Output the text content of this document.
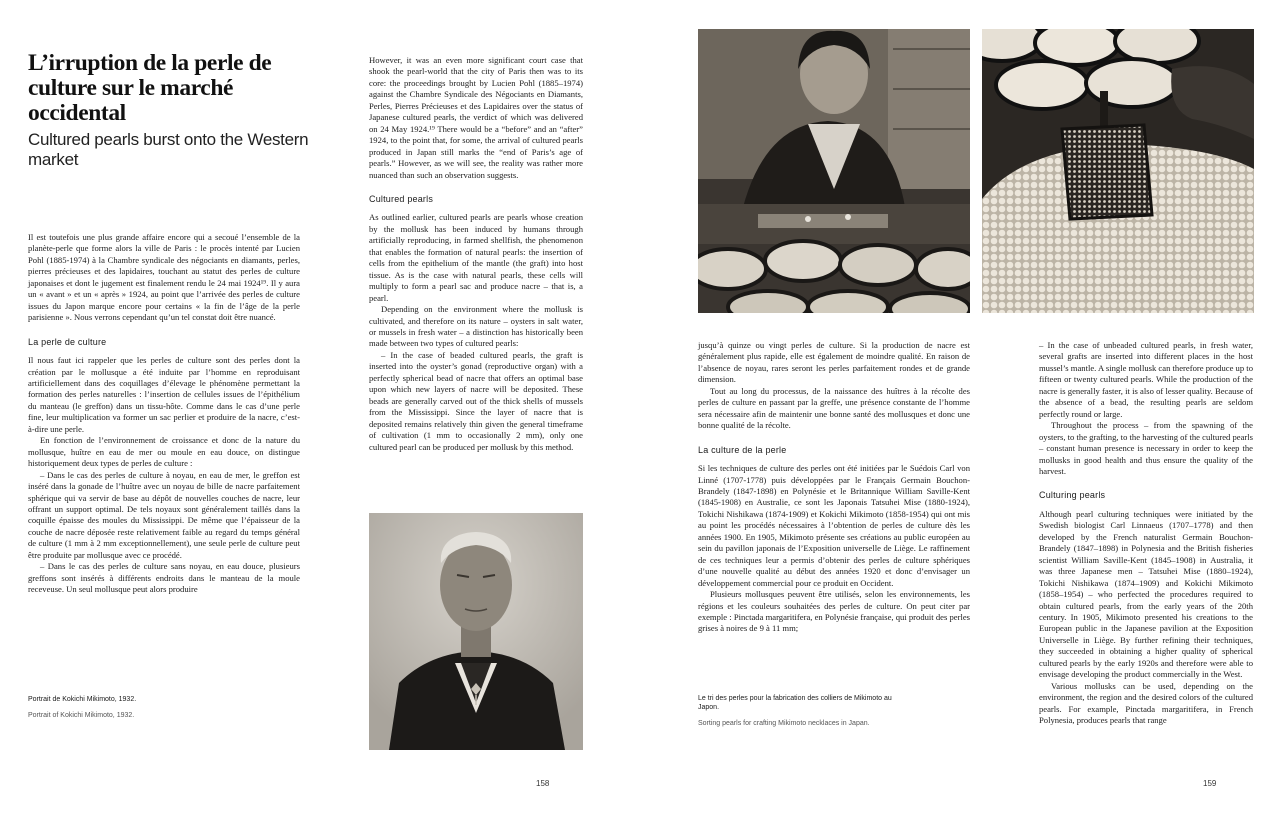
L’irruption de la perle de culture sur le marché occidental
Cultured pearls burst onto the Western market

Il est toutefois une plus grande affaire encore qui a secoué l’ensemble de la planète-perle que forme alors la ville de Paris : le procès intenté par Lucien Pohl (1885-1974) à la Chambre syndicale des négociants en diamants, perles, pierres précieuses et des lapidaires, touchant au statut des perles de culture japonaises et dont le jugement est finalement rendu le 24 mai 1924¹⁹. Il y aura un « avant » et un « après » 1924, au point que l’arrivée des perles de culture issues du Japon marque encore pour certains « la fin de l’âge de la perle parisienne ». Nous verrons cependant qu’un tel constat doit être nuancé.

La perle de culture

Il nous faut ici rappeler que les perles de culture sont des perles dont la création par le mollusque a été induite par l’homme en reproduisant artificiellement dans des coquillages d’élevage le phénomène permettant la formation des perles naturelles : l’insertion de cellules issues de l’épithélium du manteau (le greffon) dans un tissu-hôte. Comme dans le cas d’une perle fine, leur multiplication va former un sac perlier et produire de la nacre, c’est-à-dire une perle.

En fonction de l’environnement de croissance et donc de la nature du mollusque, huître en eau de mer ou moule en eau douce, on distingue historiquement deux types de perles de culture :

– Dans le cas des perles de culture à noyau, en eau de mer, le greffon est inséré dans la gonade de l’huître avec un noyau de bille de nacre parfaitement sphérique qui va servir de base au dépôt de nouvelles couches de nacre, leur offrant un support optimal. De tels noyaux sont généralement taillés dans la coquille épaisse des moules du Mississippi. De même que l’épaisseur de la couche de nacre déposée reste relativement faible au regard du temps général de culture (1 mm à 2 mm exceptionnellement), une seule perle de culture peut être produite par mollusque avec ce procédé.

– Dans le cas des perles de culture sans noyau, en eau douce, plusieurs greffons sont insérés à différents endroits dans le manteau de la moule receveuse. Un seul mollusque peut alors produire

Portrait de Kokichi Mikimoto, 1932.

Portrait of Kokichi Mikimoto, 1932.

However, it was an even more significant court case that shook the pearl-world that the city of Paris then was to its core: the proceedings brought by Lucien Pohl (1885–1974) against the Chambre Syndicale des Négociants en Diamants, Perles, Pierres Précieuses et des Lapidaires over the status of Japanese cultured pearls, the verdict of which was delivered on 24 May 1924.¹⁹ There would be a “before” and an “after” 1924, to the point that, for some, the arrival of cultured pearls produced in Japan still marks the “end of Paris’s age of pearls.” However, as we will see, the reality was rather more nuanced than such an observation suggests.

Cultured pearls

As outlined earlier, cultured pearls are pearls whose creation by the mollusk has been induced by humans through artificially reproducing, in farmed shellfish, the phenomenon that enables the formation of natural pearls: the insertion of cells from the epithelium of the mantle (the graft) into host tissue. As is the case with natural pearls, these cells will multiply to form a pearl sac and produce nacre – that is, a pearl.

Depending on the environment where the mollusk is cultivated, and therefore on its nature – oysters in salt water, or mussels in fresh water – a distinction has historically been made between two types of cultured pearls:

– In the case of beaded cultured pearls, the graft is inserted into the oyster’s gonad (reproductive organ) with a perfectly spherical bead of nacre that offers an optimal base upon which new layers of nacre will be deposited. These beads are generally carved out of the thick shells of mussels from the Mississippi. Since the layer of nacre that is deposited remains relatively thin given the general timeframe of cultivation (1 mm to occasionally 2 mm), only one cultured pearl can be produced per mollusk by this method.

158

jusqu’à quinze ou vingt perles de culture. Si la production de nacre est généralement plus rapide, elle est également de moindre qualité. En raison de l’absence de noyau, rares seront les perles parfaitement rondes et de grande dimension.

Tout au long du processus, de la naissance des huîtres à la récolte des perles de culture en passant par la greffe, une présence constante de l’homme sera nécessaire afin de maintenir une bonne santé des mollusques et donc une bonne qualité de la récolte.

La culture de la perle

Si les techniques de culture des perles ont été initiées par le Suédois Carl von Linné (1707-1778) puis développées par le Français Germain Bouchon-Brandely (1847-1898) en Polynésie et le Britannique William Saville-Kent (1845-1908) en Australie, ce sont les Japonais Tatsuhei Mise (1880-1924), Tokichi Nishikawa (1874-1909) et Kokichi Mikimoto (1858-1954) qui ont mis au point les procédés nécessaires à l’obtention de perles de culture dès les années 1900. En 1905, Mikimoto présente ses créations au public européen au sein du pavillon japonais de l’Exposition universelle de Liège. Le raffinement de ces techniques leur a permis d’obtenir des perles de culture sphériques d’une nouvelle qualité au début des années 1920 et donc d’envisager un développement commercial pour ce produit en Occident.

Plusieurs mollusques peuvent être utilisés, selon les environnements, les régions et les couleurs souhaitées des perles de culture. On peut citer par exemple : Pinctada margaritifera, en Polynésie française, qui produit des perles grises à noires de 9 à 11 mm;

Le tri des perles pour la fabrication des colliers de Mikimoto au Japon.

Sorting pearls for crafting Mikimoto necklaces in Japan.

– In the case of unbeaded cultured pearls, in fresh water, several grafts are inserted into different places in the host mussel’s mantle. A single mollusk can therefore produce up to fifteen or twenty cultured pearls. While the production of the nacre is generally faster, it is also of lesser quality. Because of the absence of a bead, the resulting pearls are seldom perfectly round or large.

Throughout the process – from the spawning of the oysters, to the grafting, to the harvesting of the cultured pearls – constant human presence is necessary in order to keep the mollusks in good health and thus ensure the quality of the harvest.

Culturing pearls

Although pearl culturing techniques were initiated by the Swedish biologist Carl Linnaeus (1707–1778) and then developed by the French naturalist Germain Bouchon-Brandely (1847–1898) in Polynesia and the British fisheries scientist William Saville-Kent (1845–1908) in Australia, it was three Japanese men – Tatsuhei Mise (1880–1924), Tokichi Nishikawa (1874–1909) and Kokichi Mikimoto (1858–1954) – who perfected the procedures required to obtain cultured pearls, from the early years of the 20th century. In 1905, Mikimoto presented his creations to the European public in the Japanese pavilion at the Exposition Universelle in Liège. By further refining their techniques, they succeeded in obtaining a higher quality of spherical cultured pearls by the early 1920s and therefore were able to envisage developing the product commercially in the West.

Various mollusks can be used, depending on the environment, the region and the desired colors of the cultured pearls. For example, Pinctada margaritifera, in French Polynesia, produces pearls that range

159
